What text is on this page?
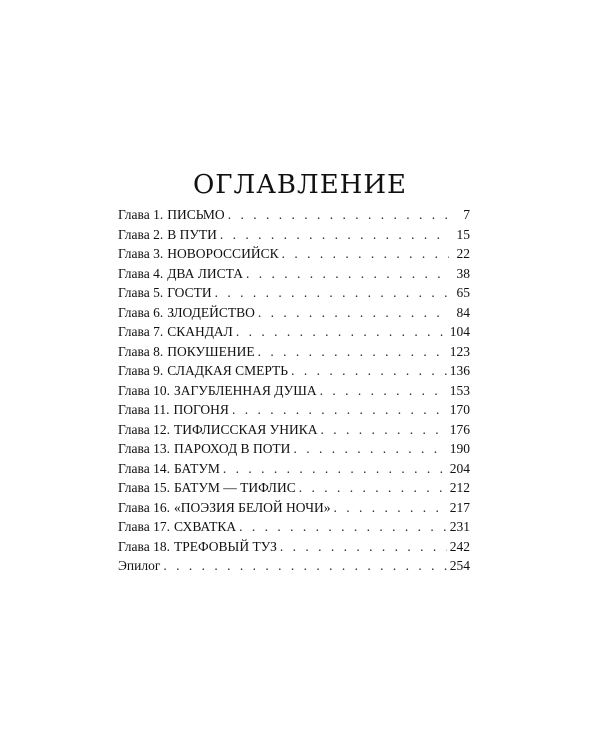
ОГЛАВЛЕНИЕ
Глава 1. ПИСЬМО . . .	7
Глава 2. В ПУТИ . . .	15
Глава 3. НОВОРОССИЙСК . . .	22
Глава 4. ДВА ЛИСТА . . .	38
Глава 5. ГОСТИ . . .	65
Глава 6. ЗЛОДЕЙСТВО . . .	84
Глава 7. СКАНДАЛ . . .	104
Глава 8. ПОКУШЕНИЕ . . .	123
Глава 9. СЛАДКАЯ СМЕРТЬ . . .	136
Глава 10. ЗАГУБЛЕННАЯ ДУША . . .	153
Глава 11. ПОГОНЯ . . .	170
Глава 12. ТИФЛИССКАЯ УНИКА . . .	176
Глава 13. ПАРОХОД В ПОТИ . . .	190
Глава 14. БАТУМ . . .	204
Глава 15. БАТУМ — ТИФЛИС . . .	212
Глава 16. «ПОЭЗИЯ БЕЛОЙ НОЧИ» . . .	217
Глава 17. СХВАТКА . . .	231
Глава 18. ТРЕФОВЫЙ ТУЗ . . .	242
Эпилог . . .	254
